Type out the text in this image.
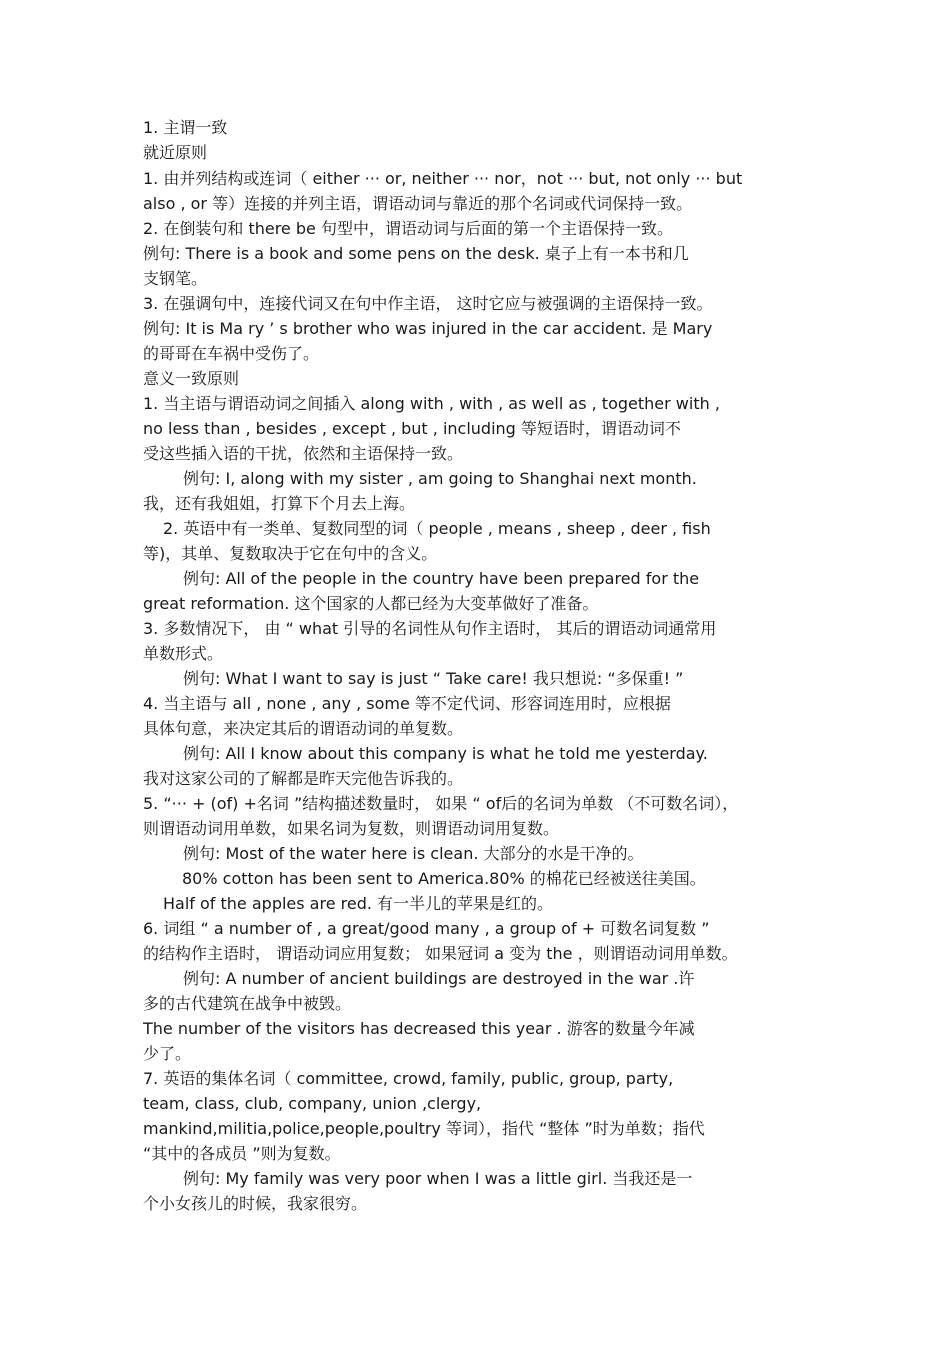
1. 主谓一致
就近原则
1. 由并列结构或连词（ either ··· or, neither ··· nor，not ··· but, not only ··· but
also , or 等）连接的并列主语，谓语动词与靠近的那个名词或代词保持一致。
2. 在倒装句和 there be 句型中，谓语动词与后面的第一个主语保持一致。
例句: There is a book and some pens on the desk. 桌子上有一本书和几
支钢笔。
3. 在强调句中，连接代词又在句中作主语， 这时它应与被强调的主语保持一致。
例句: It is Ma ry ’ s brother who was injured in the car accident. 是 Mary
的哥哥在车祸中受伤了。
意义一致原则
1. 当主语与谓语动词之间插入 along with , with , as well as , together with ,
no less than , besides , except , but , including 等短语时，谓语动词不
受这些插入语的干扰，依然和主语保持一致。
例句: I, along with my sister , am going to Shanghai next month.
我，还有我姐姐，打算下个月去上海。
2. 英语中有一类单、复数同型的词（ people , means , sheep , deer , fish
等)，其单、复数取决于它在句中的含义。
例句: All of the people in the country have been prepared for the
great reformation. 这个国家的人都已经为大变革做好了准备。
3. 多数情况下， 由 “ what 引导的名词性从句作主语时， 其后的谓语动词通常用
单数形式。
例句: What I want to say is just “ Take care! 我只想说: “多保重! ”
4. 当主语与 all , none , any , some 等不定代词、形容词连用时，应根据
具体句意，来决定其后的谓语动词的单复数。
例句: All I know about this company is what he told me yesterday.
我对这家公司的了解都是昨天完他告诉我的。
5. “··· + (of) +名词 ”结构描述数量时， 如果 “ of后的名词为单数 （不可数名词），
则谓语动词用单数，如果名词为复数，则谓语动词用复数。
例句: Most of the water here is clean. 大部分的水是干净的。
80% cotton has been sent to America.80% 的棉花已经被送往美国。
Half of the apples are red. 有一半儿的苹果是红的。
6. 词组 “ a number of , a great/good many , a group of + 可数名词复数 ”
的结构作主语时， 谓语动词应用复数； 如果冠词 a 变为 the ，则谓语动词用单数。
例句: A number of ancient buildings are destroyed in the war .许
多的古代建筑在战争中被毁。
The number of the visitors has decreased this year . 游客的数量今年减
少了。
7. 英语的集体名词（ committee, crowd, family, public, group, party,
team, class, club, company, union ,clergy,
mankind,militia,police,people,poultry 等词），指代 “整体 ”时为单数；指代
“其中的各成员 ”则为复数。
例句: My family was very poor when I was a little girl. 当我还是一
个小女孩儿的时候，我家很穷。
